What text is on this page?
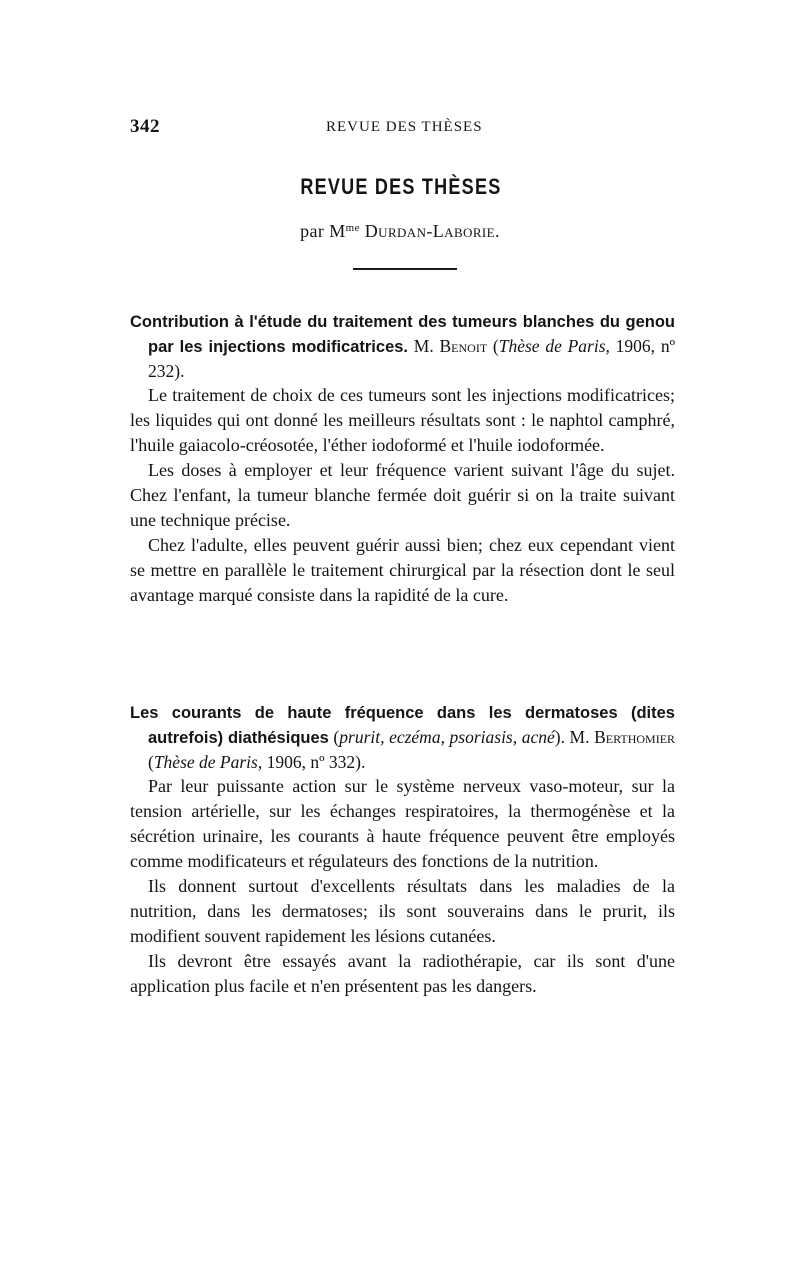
342	REVUE DES THÈSES
REVUE DES THÈSES
par $M^{me}$ Durdan-Laborie.
Contribution à l'étude du traitement des tumeurs blanches du genou par les injections modificatrices. M. Benoit (Thèse de Paris, 1906, nº 232).

Le traitement de choix de ces tumeurs sont les injections modificatrices; les liquides qui ont donné les meilleurs résultats sont : le naphtol camphré, l'huile gaiacolo-créosotée, l'éther iodoformé et l'huile iodoformée.

Les doses à employer et leur fréquence varient suivant l'âge du sujet. Chez l'enfant, la tumeur blanche fermée doit guérir si on la traite suivant une technique précise.

Chez l'adulte, elles peuvent guérir aussi bien; chez eux cependant vient se mettre en parallèle le traitement chirurgical par la résection dont le seul avantage marqué consiste dans la rapidité de la cure.

Les courants de haute fréquence dans les dermatoses (dites autrefois) diathésiques (prurit, eczéma, psoriasis, acné). M. Berthomier (Thèse de Paris, 1906, nº 332).

Par leur puissante action sur le système nerveux vaso-moteur, sur la tension artérielle, sur les échanges respiratoires, la thermogénèse et la sécrétion urinaire, les courants à haute fréquence peuvent être employés comme modificateurs et régulateurs des fonctions de la nutrition.

Ils donnent surtout d'excellents résultats dans les maladies de la nutrition, dans les dermatoses; ils sont souverains dans le prurit, ils modifient souvent rapidement les lésions cutanées.

Ils devront être essayés avant la radiothérapie, car ils sont d'une application plus facile et n'en présentent pas les dangers.
